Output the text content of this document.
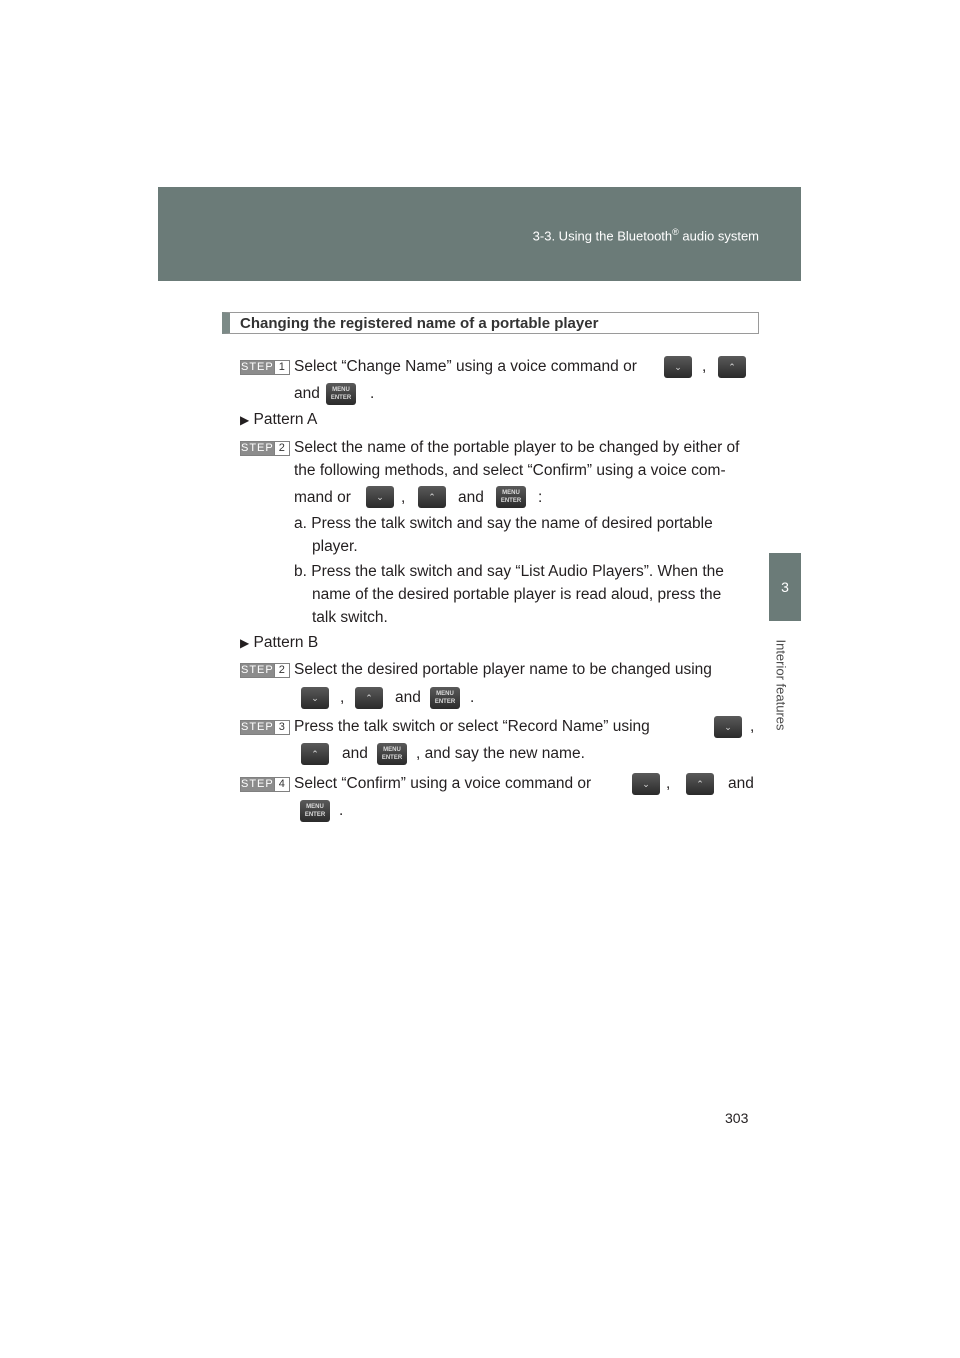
3-3. Using the Bluetooth® audio system
3
Interior features
Changing the registered name of a portable player
STEP 1 Select “Change Name” using a voice command or	⌄	,	⌃
and	MENU ENTER	.
▶ Pattern A
STEP 2 Select the name of the portable player to be changed by either of
the following methods, and select “Confirm” using a voice com-
mand or	⌄	,	⌃	and	MENU ENTER	:
a. Press the talk switch and say the name of desired portable
player.
b. Press the talk switch and say “List Audio Players”. When the
name of the desired portable player is read aloud, press the
talk switch.
▶ Pattern B
STEP 2 Select the desired portable player name to be changed using
⌄	,	⌃	and	MENU ENTER .
STEP 3 Press the talk switch or select “Record Name” using	⌄	,
⌃	and	MENU ENTER , and say the new name.
STEP 4 Select “Confirm” using a voice command or	⌄	,	⌃	and
MENU ENTER .
303
